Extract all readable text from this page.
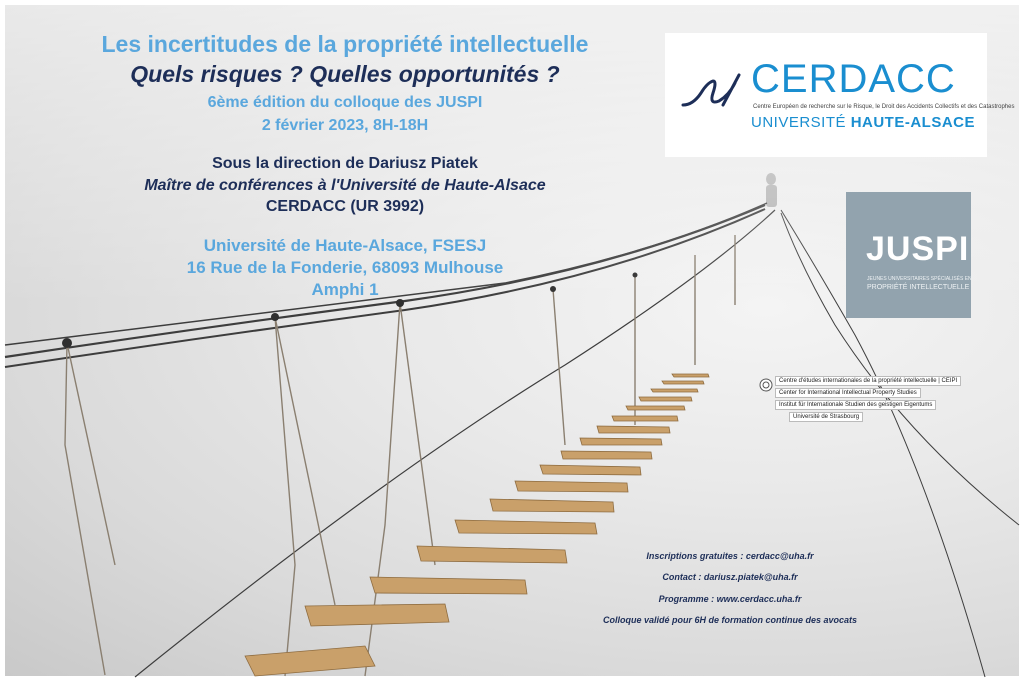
Les incertitudes de la propriété intellectuelle

Quels risques ? Quelles opportunités ?

6ème édition du colloque des JUSPI

2 février 2023, 8H-18H

Sous la direction de Dariusz Piatek

Maître de conférences à l'Université de Haute-Alsace

CERDACC (UR 3992)

Université de Haute-Alsace, FSESJ

16 Rue de la Fonderie, 68093 Mulhouse

Amphi 1

CERDACC
Centre Européen de recherche sur le Risque, le Droit des Accidents Collectifs et des Catastrophes
UNIVERSITÉ HAUTE-ALSACE
JUSPI
JEUNES UNIVERSITAIRES SPÉCIALISÉS EN
PROPRIÉTÉ INTELLECTUELLE
Centre d'études internationales de la propriété intellectuelle | CEIPI
Center for International Intellectual Property Studies
Institut für Internationale Studien des geistigen Eigentums
Université de Strasbourg
Inscriptions gratuites : cerdacc@uha.fr
Contact : dariusz.piatek@uha.fr
Programme : www.cerdacc.uha.fr
Colloque validé pour 6H de formation continue des avocats
